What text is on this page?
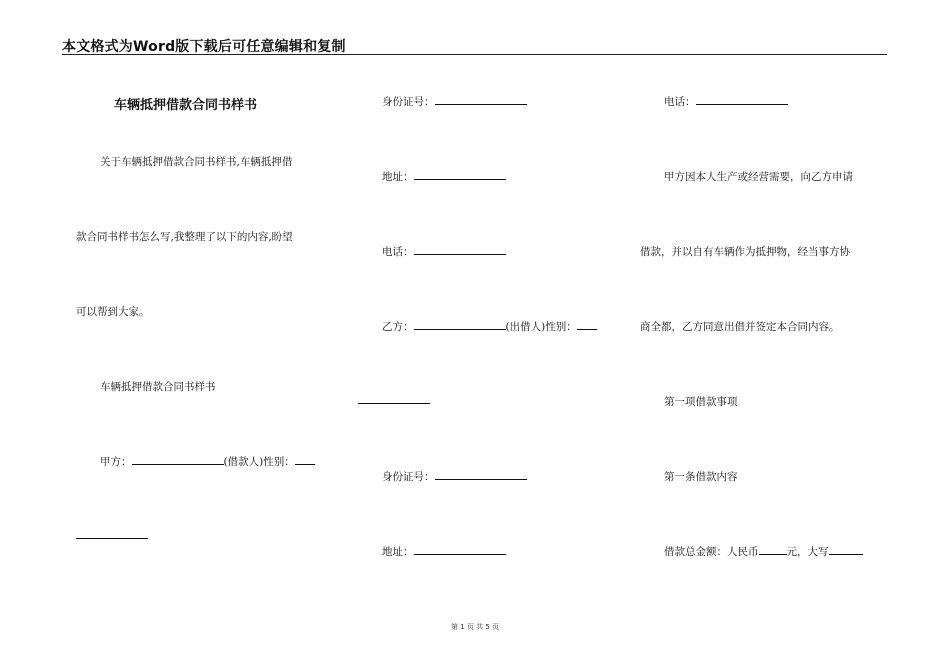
本文格式为Word版下载后可任意编辑和复制
车辆抵押借款合同书样书
关于车辆抵押借款合同书样书,车辆抵押借
款合同书样书怎么写,我整理了以下的内容,盼望
可以帮到大家。
车辆抵押借款合同书样书
甲方：	(借款人)性别：
身份证号：
地址：
电话：
乙方：	(出借人)性别：
身份证号：
地址：
电话：
甲方因本人生产或经营需要，向乙方申请
借款，并以自有车辆作为抵押物，经当事方协
商全都，乙方同意出借并签定本合同内容。
第一项借款事项
第一条借款内容
借款总金额：人民币	元，大写
第 1 页 共 5 页
